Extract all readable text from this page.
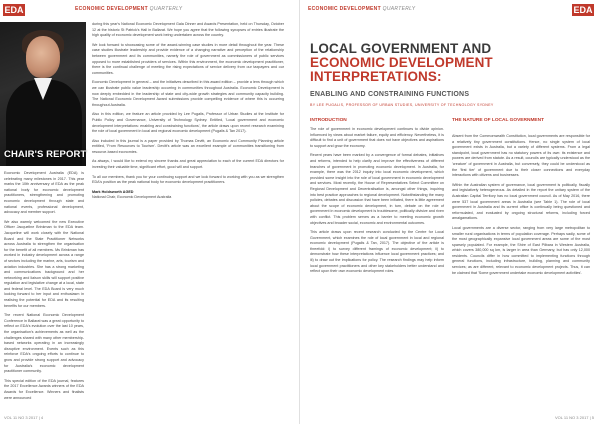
EDA	ECONOMIC DEVELOPMENT QUARTERLY
CHAIR'S REPORT

Economic Development Australia (EDA) is celebrating many milestones in 2017. This year marks the 10th anniversary of EDA as the peak national body for economic development practitioners, strengthening and promoting economic development through state and national events, professional development, advocacy and member support.

We also warmly welcomed the new Executive Officer Jacqueline Brinkman to the EDA team. Jacqueline will work closely with the National Board and the State Practitioner Networks across Australia to strengthen the organisation for the benefit of all members. Ms Brinkman has worked in industry development across a range of sectors including the marine, arts, tourism and aviation industries. She has a strong marketing and communications background and her networking and liaison skills will support positive regulation and legislative change at a local, state and federal level. The EDA Board is very much looking forward to her input and enthusiasm in realising the potential for EDA and its resulting benefits for our members.

The recent National Economic Development Conference in Ballarat was a great opportunity to reflect on EDA's evolution over the last 10 years, the organisation's achievements as well as the challenges shared with many other membership-based networks operating in an increasingly disruptive environment. Events such as this reinforce EDA's ongoing efforts to continue to grow and provide strong support and advocacy for Australia's economic development practitioner community.

This special edition of the EDA journal, features the 2017 Excellence Awards winners of the EDA Awards for Excellence. Winners and finalists were announced

during this year's National Economic Development Gala Dinner and Awards Presentation, held on Thursday, October 12 at the historic St Patrick's Hall in Ballarat. We hope you agree that the following synopses of entries illustrate the high quality of economic development work being undertaken across the country.

We look forward to showcasing some of the award-winning case studies in more detail throughout the year. These case studies illustrate leadership and provide evidence of a changing narrative and perception of the relationship between government and its communities, namely the role of government as commissioners of public services opposed to more established providers of services. Within this environment, the economic development practitioner, there is the continual challenge of meeting the rising expectations of service delivery from our taxpayers and our communities.

Economic Development in general – and the initiatives described in this award edition – provide a lens through which we can illustrate public value leadership occurring in communities throughout Australia. Economic Development is now deeply embedded in the leadership of state and city-wide growth strategies and community capacity building. The National Economic Development Award submissions provide compelling evidence of where this is occurring throughout Australia.

Also in this edition, we feature an article provided by Lee Pugalis, Professor of Urban Studies at the Institute for Public Policy and Governance, University of Technology Sydney. Entitled, 'Local government and economic development interpretations: enabling and constraining functions', the article draws upon recent research examining the role of local government in local and regional economic development (Pugalis & Tan 2017).

Also included in this journal is a paper provided by Thomas Devitt, an Economic and Community Planning article entitled, 'From Resources to Tourism'. Devitt's article was an excellent example of communities transitioning from resource-based economies.

As always, I would like to extend my sincere thanks and great appreciation to each of the current EDA directors for investing their valuable time, significant effort, good will and support.

To all our members, thank you for your continuing support and we look forward to working with you as we strengthen EDA's position as the peak national body for economic development practitioners.

Mark Holdsworth AGED

National Chair, Economic Development Australia

VOL 11 NO 3 2017 | 4
ECONOMIC DEVELOPMENT QUARTERLY	EDA
LOCAL GOVERNMENT AND
ECONOMIC DEVELOPMENT
INTERPRETATIONS:
ENABLING AND CONSTRAINING FUNCTIONS
BY LEE PUGALIS, PROFESSOR OF URBAN STUDIES, UNIVERSITY OF TECHNOLOGY SYDNEY
INTRODUCTION

The role of government in economic development continues to divide opinion. Influenced by views about market failure, equity and efficiency. Nevertheless, it is difficult to find a unit of government that does not have objectives and aspirations to support and grow the economy.

Recent years have been marked by a convergence of formal debates, initiatives and reforms, intended to help clarify and improve the effectiveness of different branches of government in promoting economic development. In Australia, for example, there was the 2012 inquiry into local economic development, which provided some insight into the role of local government in economic development and services. Most recently, the House of Representatives Select Committee on Regional Development and Decentralisation is, amongst other things, inquiring into best practice approaches to regional development. Notwithstanding the many policies, debates and discussion that have been initiated, there is little agreement about the scope of economic development, in turn, debate on the role of government in economic development is troublesome, politically divisive and riven with conflict. This problem serves as a barrier to meeting economic growth objectives and broader social, economic and environmental outcomes.

This article draws upon recent research conducted by the Centre for Local Government, which examines the role of local government in local and regional economic development (Pugalis & Tan, 2017). The objective of the article is threefold: i) to survey different framings of economic development; ii) to demonstrate how these interpretations influence local government practices; and iii) to draw out the implications for policy. The research findings may help inform local government practitioners and other key stakeholders better understand and reflect upon their own economic development roles.

THE NATURE OF LOCAL GOVERNMENT

Absent from the Commonwealth Constitution, local governments are responsible for a relatively tiny government constitutions. Hence, no single system of local government exists in Australia, but a variety of different systems. From a legal standpoint, local government has no statutory powers of its own: its existence and powers are derived from statute. As a result, councils are typically understood as the 'creature' of government in Australia, but conversely, they could be understood as the 'first tier' of government due to their closer connections and everyday interactions with citizens and businesses.

Within the Australian system of governance, local government is politically, fiscally and legislatively heterogeneous. As detailed in the report the unitary system of the Australian Capital Territory has no local government council. As of May 2016, there were 537 local government areas in Australia (see Table 1). The role of local government in Australia and its current office is continually being questioned and reformulated, and evaluated by ongoing structural reforms, including forced amalgamations.

Local governments are a diverse sector, ranging from very large metropolitan to smaller rural organisations in terms of population coverage. Perhaps sadly, some of the most geographically expansive local government areas are some of the most sparsely populated. For example, the Shire of East Pilbara in Western Australia, which covers 380,000 sq km, is larger in area than Germany, but has only 12,000 residents. Councils differ in how committed to implementing functions through general functions, including infrastructure, building, planning and community services; as are different, relevant to economic development projects. Thus, it can be claimed that 'Some government undertake economic development activities'.

VOL 11 NO 3 2017 | 5
